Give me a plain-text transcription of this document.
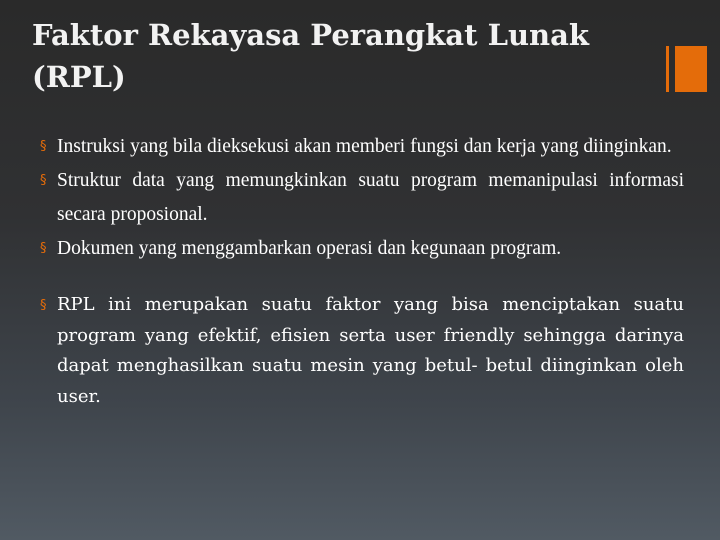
Faktor Rekayasa Perangkat Lunak (RPL)

§ Instruksi yang bila dieksekusi akan memberi fungsi dan kerja yang diinginkan.

§ Struktur data yang memungkinkan suatu program memanipulasi informasi secara proposional.

§ Dokumen yang menggambarkan operasi dan kegunaan program.

§ RPL ini merupakan suatu faktor yang bisa menciptakan suatu program yang efektif, efisien serta user friendly sehingga darinya dapat menghasilkan suatu mesin yang betul- betul diinginkan oleh user.
